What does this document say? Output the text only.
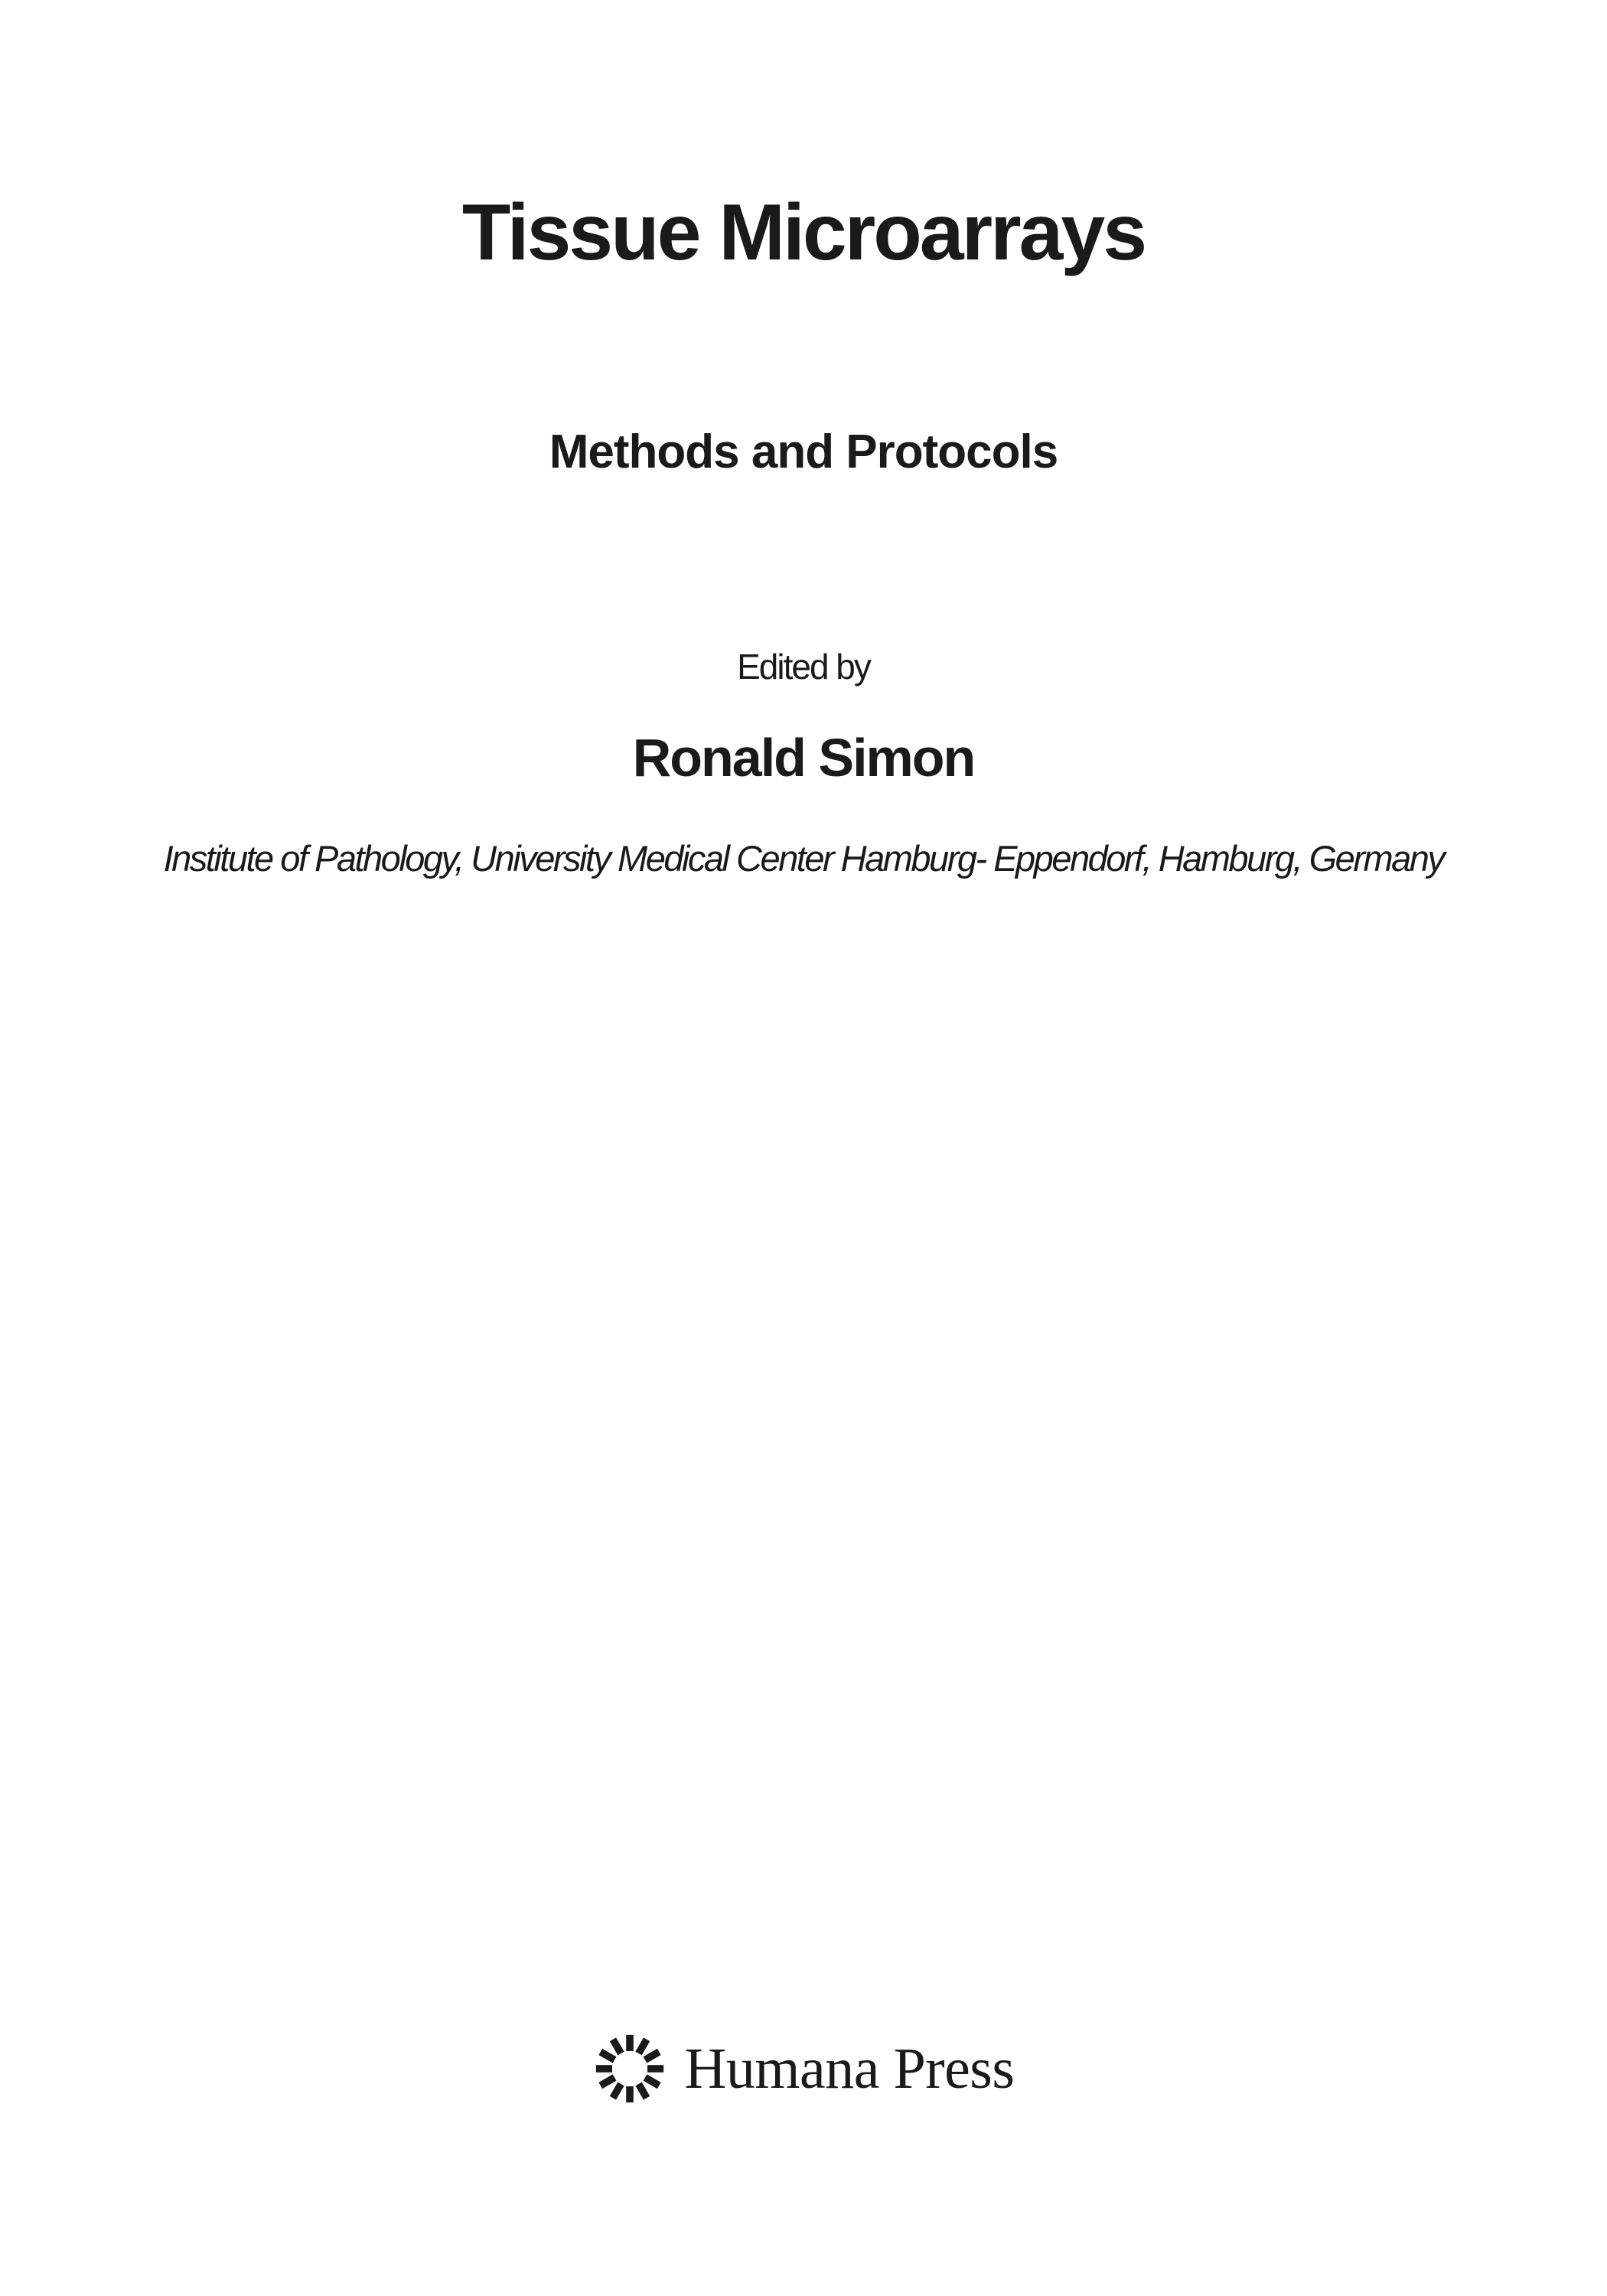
Tissue Microarrays
Methods and Protocols
Edited by
Ronald Simon
Institute of Pathology, University Medical Center Hamburg- Eppendorf, Hamburg, Germany
Humana Press
